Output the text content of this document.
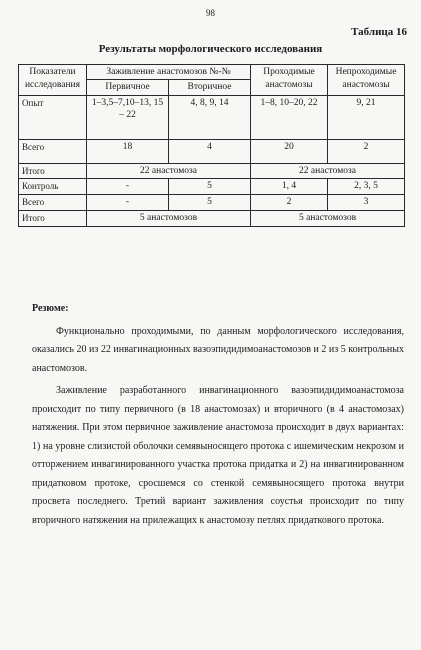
98
Таблица 16
Результаты морфологического исследования
Показатели исследования	Заживление анастомозов №-№		Проходимые анастомозы	Непроходимые анастомозы
	Первичное	Вторичное		
Опыт	1–3,5–7,10–13, 15 – 22	4, 8, 9, 14	1–8, 10–20, 22	9, 21
Всего	18	4	20	2
Итого	22 анастомоза		22 анастомоза	
Контроль	-	5	1, 4	2, 3, 5
Всего	-	5	2	3
Итого	5 анастомозов		5 анастомозов	
Резюме:

Функционально проходимыми, по данным морфологического исследования, оказались 20 из 22 инвагинационных вазоэпидидимоанастомозов и 2 из 5 контрольных анастомозов.

Заживление разработанного инвагинационного вазоэпидидимоанастомоза происходит по типу первичного (в 18 анастомозах) и вторичного (в 4 анастомозах) натяжения. При этом первичное заживление анастомоза происходит в двух вариантах: 1) на уровне слизистой оболочки семявыносящего протока с ишемическим некрозом и отторжением инвагинированного участка протока придатка и 2) на инвагинированном придатковом протоке, сросшемся со стенкой семявыносящего протока внутри просвета последнего. Третий вариант заживления соустья происходит по типу вторичного натяжения на прилежащих к анастомозу петлях придаткового протока.
